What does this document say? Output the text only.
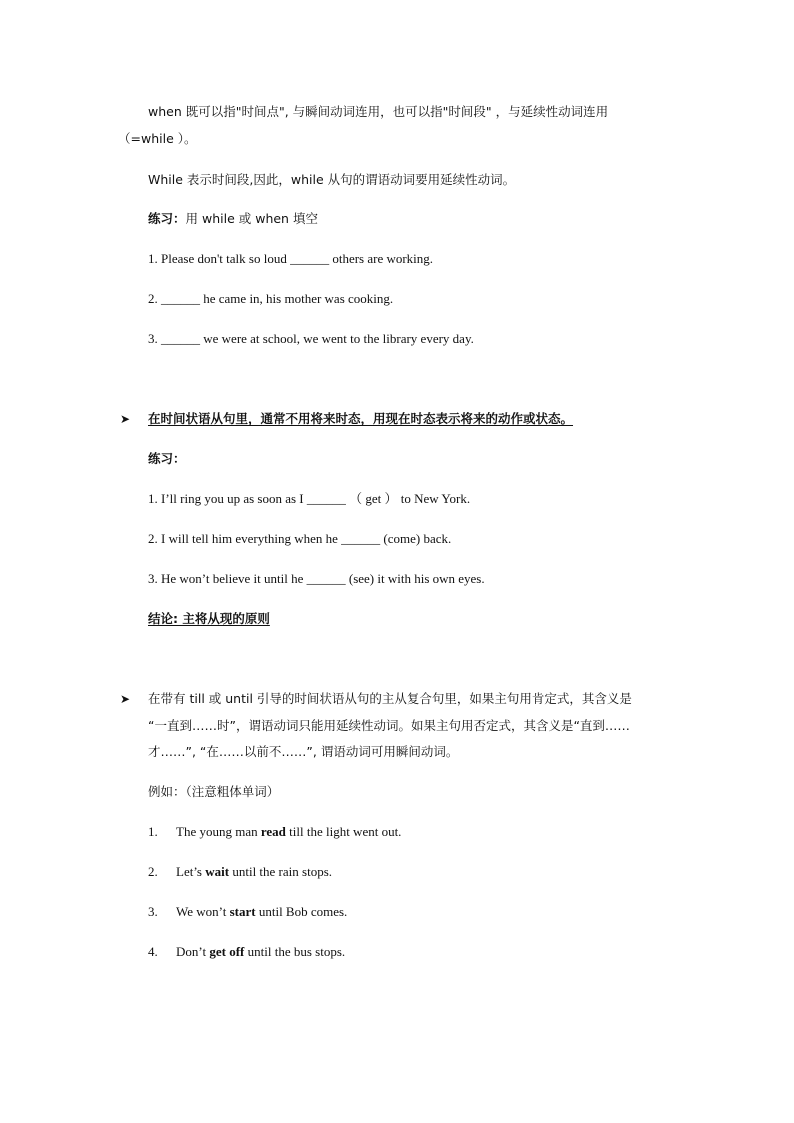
when 既可以指"时间点", 与瞬间动词连用，也可以指"时间段" ，与延续性动词连用
（=while ）。
While 表示时间段,因此，while 从句的谓语动词要用延续性动词。
练习：用 while 或 when 填空
1. Please don't talk so loud ______ others are working.
2. ______ he came in, his mother was cooking.
3. ______ we were at school, we went to the library every day.
➤ 在时间状语从句里，通常不用将来时态，用现在时态表示将来的动作或状态。
练习：
1. I’ll ring you up as soon as I ______ （ get ） to New York.
2. I will tell him everything when he ______ (come) back.
3. He won’t believe it until he ______ (see) it with his own eyes.
结论: 主将从现的原则
➤ 在带有 till 或 until 引导的时间状语从句的主从复合句里，如果主句用肯定式，其含义是
“一直到……时”，谓语动词只能用延续性动词。如果主句用否定式，其含义是“直到……
才……”, “在……以前不……”, 谓语动词可用瞬间动词。
例如：（注意粗体单词）
1. The young man read till the light went out.
2. Let’s wait until the rain stops.
3. We won’t start until Bob comes.
4. Don’t get off until the bus stops.
